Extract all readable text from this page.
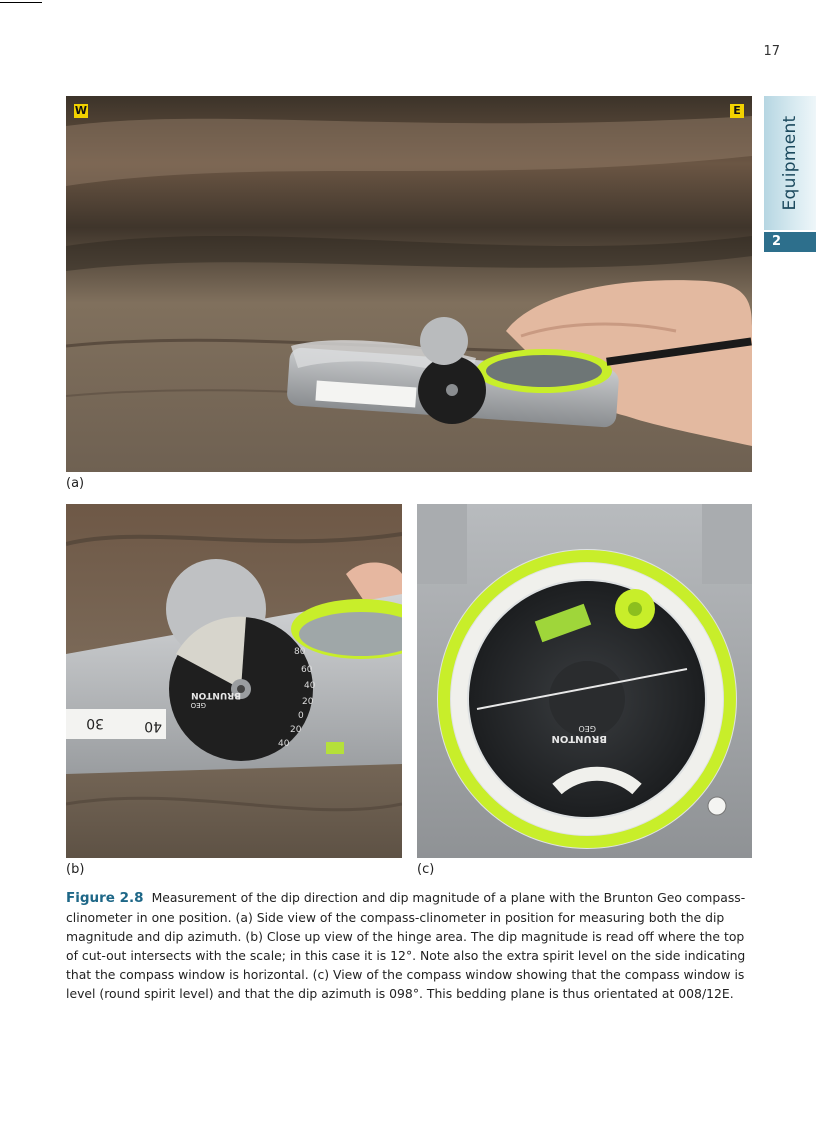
17
Equipment
2
W	E
(a)
BRUNTON
GEO
30	40
80
60
40
20
0
20
40
(b)
BRUNTON
GEO
(c)
Figure 2.8 Measurement of the dip direction and dip magnitude of a plane with the Brunton Geo compass-clinometer in one position. (a) Side view of the compass-clinometer in position for measuring both the dip magnitude and dip azimuth. (b) Close up view of the hinge area. The dip magnitude is read off where the top of cut-out intersects with the scale; in this case it is 12°. Note also the extra spirit level on the side indicating that the compass window is horizontal. (c) View of the compass window showing that the compass window is level (round spirit level) and that the dip azimuth is 098°. This bedding plane is thus orientated at 008/12E.
